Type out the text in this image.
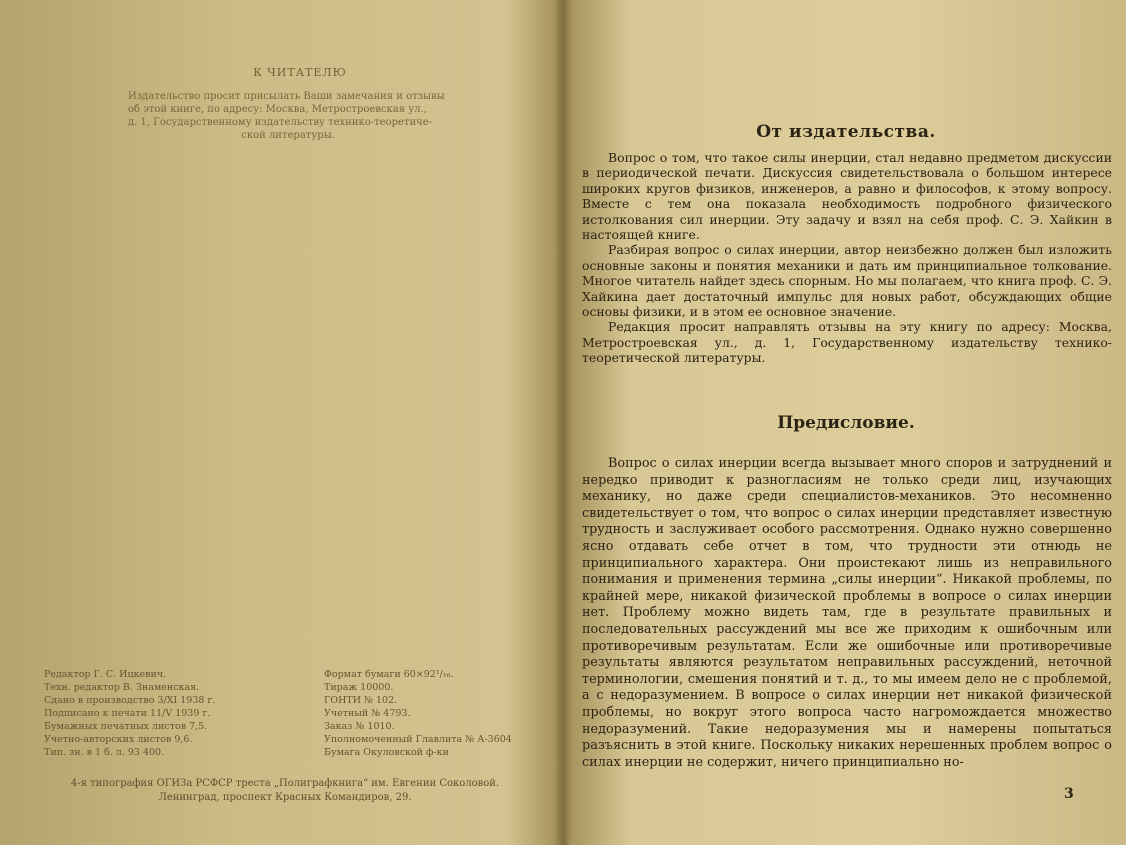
К ЧИТАТЕЛЮ
Издательство просит присылать Ваши замечания и отзывы
об этой книге, по адресу: Москва, Метростроевская ул.,
д. 1, Государственному издательству технико-теоретиче-
ской литературы.
Редактор Г. С. Ицкевич.
Техн. редактор В. Знаменская.
Сдано в производство 3/XI 1938 г.
Подписано к печати 11/V 1939 г.
Бумажных печатных листов 7,5.
Учетно-авторских листов 9,6.
Тип. зн. в 1 б. л. 93 400.
Формат бумаги 60×92¹/₁₆.
Тираж 10000.
ГОНТИ № 102.
Учетный № 4793.
Заказ № 1010.
Уполномоченный Главлита № А-3604
Бумага Окуловской ф-ки
4-я типография ОГИЗа РСФСР треста „Полиграфкнига“ им. Евгении Соколовой.
Ленинград, проспект Красных Командиров, 29.
От издательства.

Вопрос о том, что такое силы инерции, стал недавно предметом дискуссии в периодической печати. Дискуссия свидетельствовала о большом интересе широких кругов физиков, инженеров, а равно и философов, к этому вопросу. Вместе с тем она показала необходимость подробного физического истолкования сил инерции. Эту задачу и взял на себя проф. С. Э. Хайкин в настоящей книге.

Разбирая вопрос о силах инерции, автор неизбежно должен был изложить основные законы и понятия механики и дать им принципиальное толкование. Многое читатель найдет здесь спорным. Но мы полагаем, что книга проф. С. Э. Хайкина дает достаточный импульс для новых работ, обсуждающих общие основы физики, и в этом ее основное значение.

Редакция просит направлять отзывы на эту книгу по адресу: Москва, Метростроевская ул., д. 1, Государственному издательству технико-теоретической литературы.

Предисловие.

Вопрос о силах инерции всегда вызывает много споров и затруднений и нередко приводит к разногласиям не только среди лиц, изучающих механику, но даже среди специалистов-механиков. Это несомненно свидетельствует о том, что вопрос о силах инерции представляет известную трудность и заслуживает особого рассмотрения. Однако нужно совершенно ясно отдавать себе отчет в том, что трудности эти отнюдь не принципиального характера. Они проистекают лишь из неправильного понимания и применения термина „силы инерции“. Никакой проблемы, по крайней мере, никакой физической проблемы в вопросе о силах инерции нет. Проблему можно видеть там, где в результате правильных и последовательных рассуждений мы все же приходим к ошибочным или противоречивым результатам. Если же ошибочные или противоречивые результаты являются результатом неправильных рассуждений, неточной терминологии, смешения понятий и т. д., то мы имеем дело не с проблемой, а с недоразумением. В вопросе о силах инерции нет никакой физической проблемы, но вокруг этого вопроса часто нагромождается множество недоразумений. Такие недоразумения мы и намерены попытаться разъяснить в этой книге. Поскольку никаких нерешенных проблем вопрос о силах инерции не содержит, ничего принципиально но-

3
